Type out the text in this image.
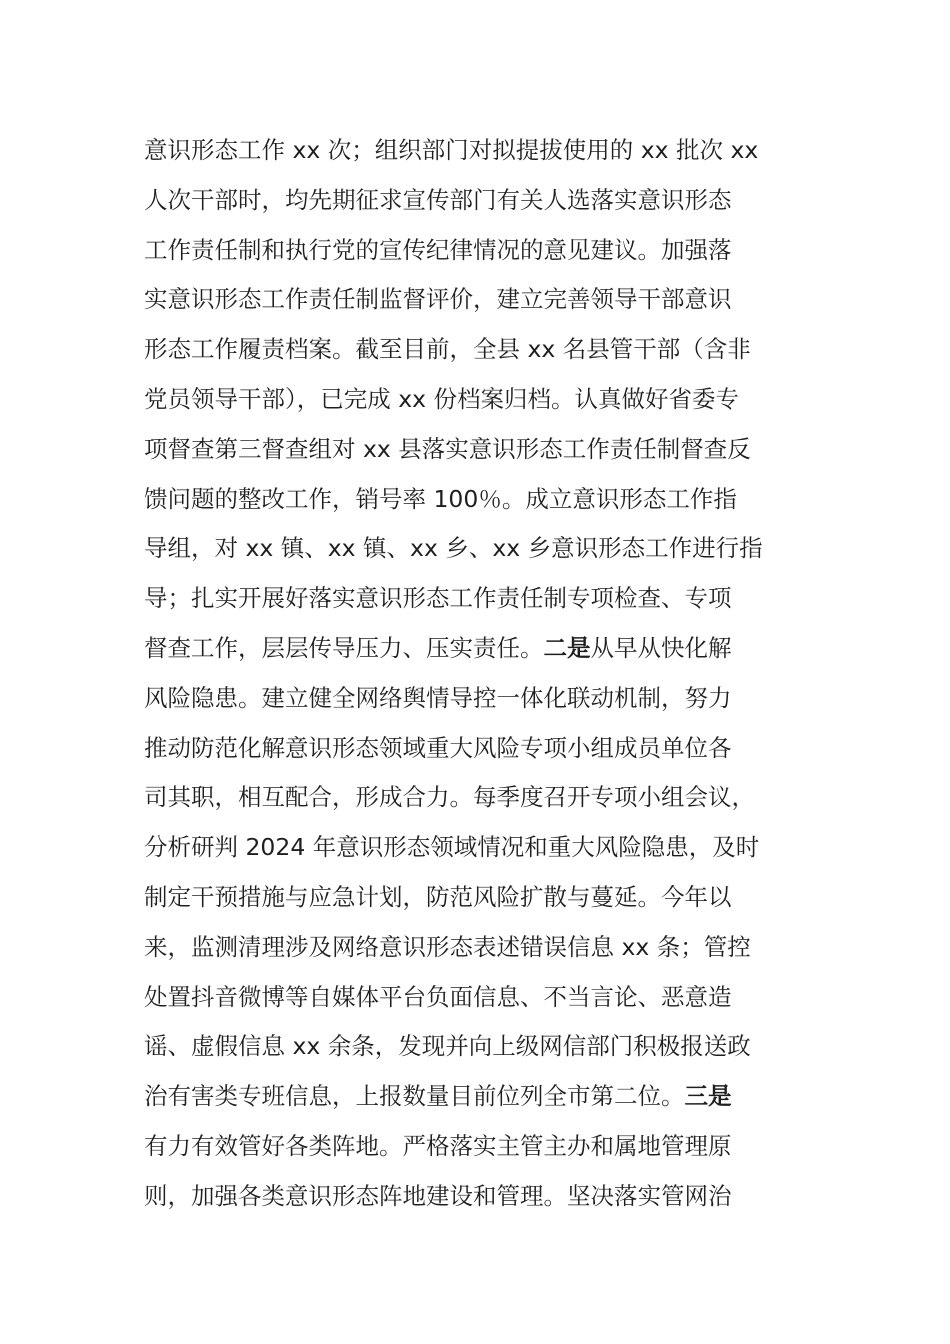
意识形态工作 xx 次；组织部门对拟提拔使用的 xx 批次 xx
人次干部时，均先期征求宣传部门有关人选落实意识形态
工作责任制和执行党的宣传纪律情况的意见建议。加强落
实意识形态工作责任制监督评价，建立完善领导干部意识
形态工作履责档案。截至目前，全县 xx 名县管干部（含非
党员领导干部），已完成 xx 份档案归档。认真做好省委专
项督查第三督查组对 xx 县落实意识形态工作责任制督查反
馈问题的整改工作，销号率 100％。成立意识形态工作指
导组，对 xx 镇、xx 镇、xx 乡、xx 乡意识形态工作进行指
导；扎实开展好落实意识形态工作责任制专项检查、专项
督查工作，层层传导压力、压实责任。二是从早从快化解
风险隐患。建立健全网络舆情导控一体化联动机制，努力
推动防范化解意识形态领域重大风险专项小组成员单位各
司其职，相互配合，形成合力。每季度召开专项小组会议，
分析研判 2024 年意识形态领域情况和重大风险隐患，及时
制定干预措施与应急计划，防范风险扩散与蔓延。今年以
来，监测清理涉及网络意识形态表述错误信息 xx 条；管控
处置抖音微博等自媒体平台负面信息、不当言论、恶意造
谣、虚假信息 xx 余条，发现并向上级网信部门积极报送政
治有害类专班信息，上报数量目前位列全市第二位。三是
有力有效管好各类阵地。严格落实主管主办和属地管理原
则，加强各类意识形态阵地建设和管理。坚决落实管网治
